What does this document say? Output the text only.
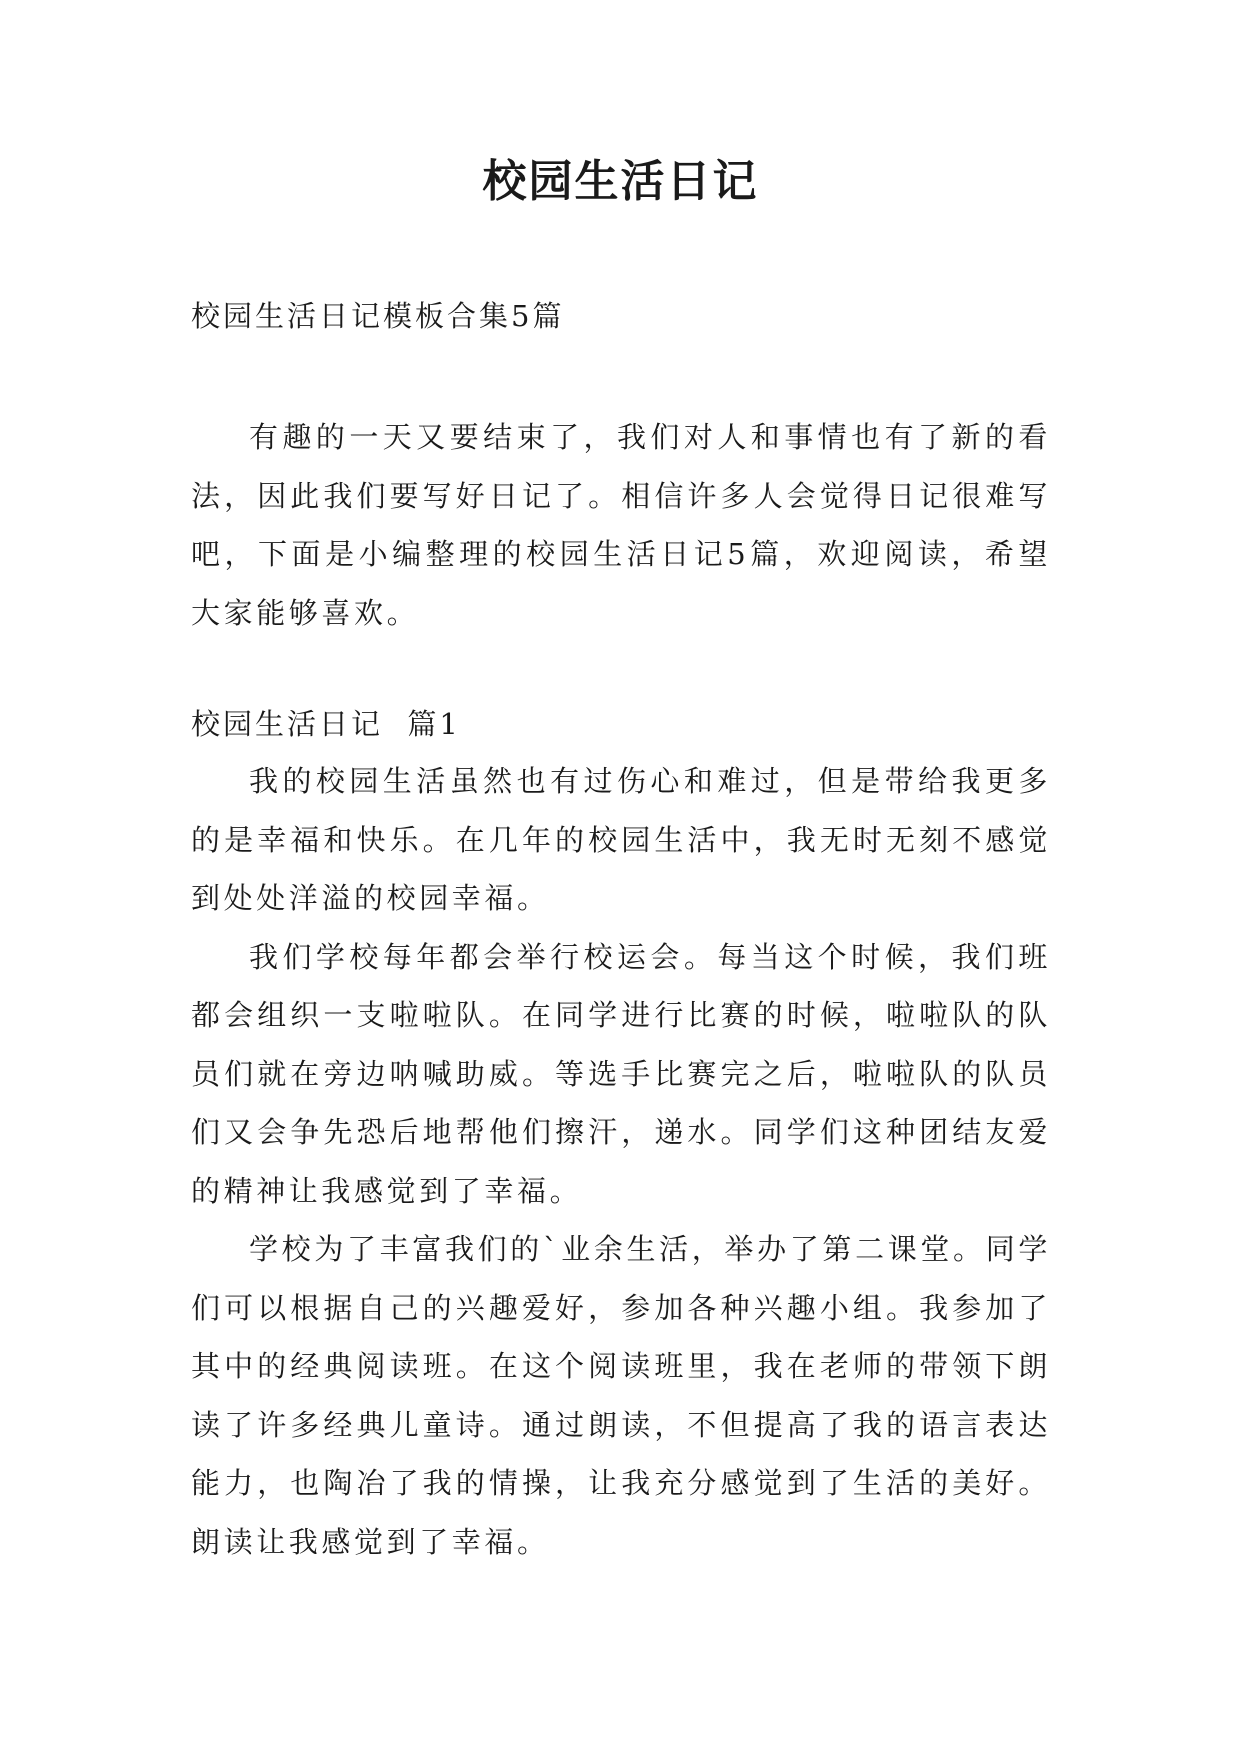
校园生活日记
校园生活日记模板合集5篇

有趣的一天又要结束了，我们对人和事情也有了新的看法，因此我们要写好日记了。相信许多人会觉得日记很难写吧，下面是小编整理的校园生活日记5篇，欢迎阅读，希望大家能够喜欢。

校园生活日记  篇1

我的校园生活虽然也有过伤心和难过，但是带给我更多的是幸福和快乐。在几年的校园生活中，我无时无刻不感觉到处处洋溢的校园幸福。

我们学校每年都会举行校运会。每当这个时候，我们班都会组织一支啦啦队。在同学进行比赛的时候，啦啦队的队员们就在旁边呐喊助威。等选手比赛完之后，啦啦队的队员们又会争先恐后地帮他们擦汗，递水。同学们这种团结友爱的精神让我感觉到了幸福。

学校为了丰富我们的`业余生活，举办了第二课堂。同学们可以根据自己的兴趣爱好，参加各种兴趣小组。我参加了其中的经典阅读班。在这个阅读班里，我在老师的带领下朗读了许多经典儿童诗。通过朗读，不但提高了我的语言表达能力，也陶冶了我的情操，让我充分感觉到了生活的美好。朗读让我感觉到了幸福。
